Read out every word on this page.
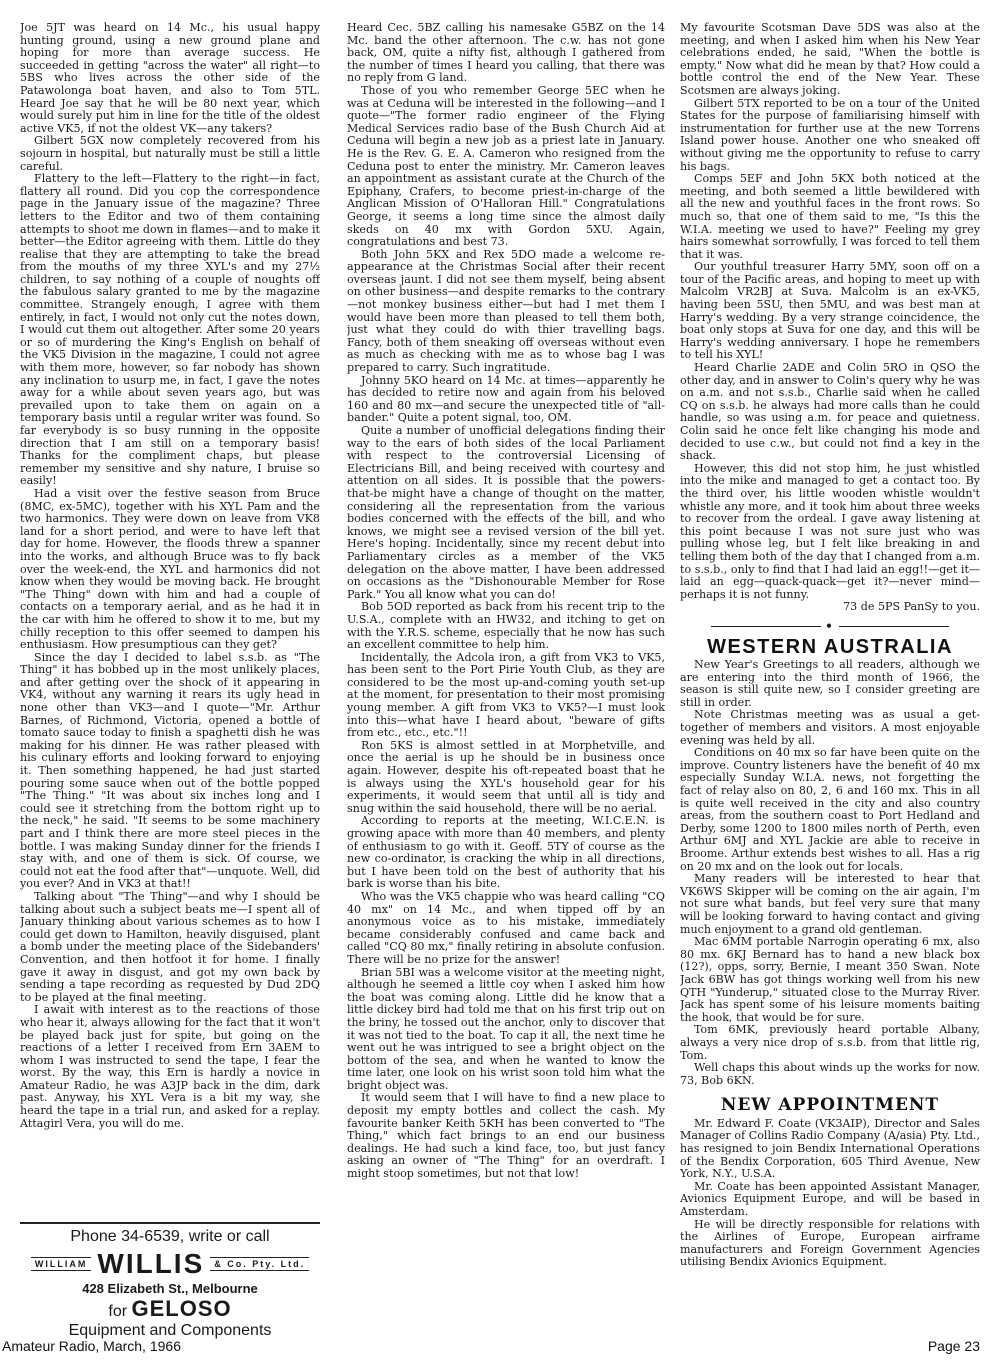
Joe 5JT was heard on 14 Mc., his usual happy hunting ground, using a new ground plane and hoping for more than average success. He succeeded in getting "across the water" all right—to 5BS who lives across the other side of the Patawolonga boat haven, and also to Tom 5TL. Heard Joe say that he will be 80 next year, which would surely put him in line for the title of the oldest active VK5, if not the oldest VK—any takers?

Gilbert 5GX now completely recovered from his sojourn in hospital, but naturally must be still a little careful.

Flattery to the left—Flattery to the right—in fact, flattery all round. Did you cop the correspondence page in the January issue of the magazine? Three letters to the Editor and two of them containing attempts to shoot me down in flames—and to make it better—the Editor agreeing with them. Little do they realise that they are attempting to take the bread from the mouths of my three XYL's and my 27½ children, to say nothing of a couple of noughts off the fabulous salary granted to me by the magazine committee. Strangely enough, I agree with them entirely, in fact, I would not only cut the notes down, I would cut them out altogether. After some 20 years or so of murdering the King's English on behalf of the VK5 Division in the magazine, I could not agree with them more, however, so far nobody has shown any inclination to usurp me, in fact, I gave the notes away for a while about seven years ago, but was prevailed upon to take them on again on a temporary basis until a regular writer was found. So far everybody is so busy running in the opposite direction that I am still on a temporary basis! Thanks for the compliment chaps, but please remember my sensitive and shy nature, I bruise so easily!

Had a visit over the festive season from Bruce (8MC, ex-5MC), together with his XYL Pam and the two harmonics. They were down on leave from VK8 land for a short period, and were to have left that day for home. However, the floods threw a spanner into the works, and although Bruce was to fly back over the week-end, the XYL and harmonics did not know when they would be moving back. He brought "The Thing" down with him and had a couple of contacts on a temporary aerial, and as he had it in the car with him he offered to show it to me, but my chilly reception to this offer seemed to dampen his enthusiasm. How presumptious can they get?

Since the day I decided to label s.s.b. as "The Thing" it has bobbed up in the most unlikely places, and after getting over the shock of it appearing in VK4, without any warning it rears its ugly head in none other than VK3—and I quote—"Mr. Arthur Barnes, of Richmond, Victoria, opened a bottle of tomato sauce today to finish a spaghetti dish he was making for his dinner. He was rather pleased with his culinary efforts and looking forward to enjoying it. Then something happened, he had just started pouring some sauce when out of the bottle popped "The Thing." "It was about six inches long and I could see it stretching from the bottom right up to the neck," he said. "It seems to be some machinery part and I think there are more steel pieces in the bottle. I was making Sunday dinner for the friends I stay with, and one of them is sick. Of course, we could not eat the food after that"—unquote. Well, did you ever? And in VK3 at that!!

Talking about "The Thing"—and why I should be talking about such a subject beats me—I spent all of January thinking about various schemes as to how I could get down to Hamilton, heavily disguised, plant a bomb under the meeting place of the Sidebanders' Convention, and then hotfoot it for home. I finally gave it away in disgust, and got my own back by sending a tape recording as requested by Dud 2DQ to be played at the final meeting.

I await with interest as to the reactions of those who hear it, always allowing for the fact that it won't be played back just for spite, but going on the reactions of a letter I received from Ern 3AEM to whom I was instructed to send the tape, I fear the worst. By the way, this Ern is hardly a novice in Amateur Radio, he was A3JP back in the dim, dark past. Anyway, his XYL Vera is a bit my way, she heard the tape in a trial run, and asked for a replay. Attagirl Vera, you will do me.

Phone 34-6539, write or call
WILLIAM WILLIS	& Co. Pty. Ltd.
428 Elizabeth St., Melbourne
for GELOSO
Equipment and Components

Heard Cec. 5BZ calling his namesake G5BZ on the 14 Mc. band the other afternoon. The c.w. has not gone back, OM, quite a nifty fist, although I gathered from the number of times I heard you calling, that there was no reply from G land.

Those of you who remember George 5EC when he was at Ceduna will be interested in the following—and I quote—"The former radio engineer of the Flying Medical Services radio base of the Bush Church Aid at Ceduna will begin a new job as a priest late in January. He is the Rev. G. E. A. Cameron who resigned from the Ceduna post to enter the ministry. Mr. Cameron leaves an appointment as assistant curate at the Church of the Epiphany, Crafers, to become priest-in-charge of the Anglican Mission of O'Halloran Hill." Congratulations George, it seems a long time since the almost daily skeds on 40 mx with Gordon 5XU. Again, congratulations and best 73.

Both John 5KX and Rex 5DO made a welcome re-appearance at the Christmas Social after their recent overseas jaunt. I did not see them myself, being absent on other business—and despite remarks to the contrary—not monkey business either—but had I met them I would have been more than pleased to tell them both, just what they could do with thier travelling bags. Fancy, both of them sneaking off overseas without even as much as checking with me as to whose bag I was prepared to carry. Such ingratitude.

Johnny 5KO heard on 14 Mc. at times—apparently he has decided to retire now and again from his beloved 160 and 80 mx—and secure the unexpected title of "all-bander." Quite a potent signal, too, OM.

Quite a number of unofficial delegations finding their way to the ears of both sides of the local Parliament with respect to the controversial Licensing of Electricians Bill, and being received with courtesy and attention on all sides. It is possible that the powers-that-be might have a change of thought on the matter, considering all the representation from the various bodies concerned with the effects of the bill, and who knows, we might see a revised version of the bill yet. Here's hoping. Incidentally, since my recent debut into Parliamentary circles as a member of the VK5 delegation on the above matter, I have been addressed on occasions as the "Dishonourable Member for Rose Park." You all know what you can do!

Bob 5OD reported as back from his recent trip to the U.S.A., complete with an HW32, and itching to get on with the Y.R.S. scheme, especially that he now has such an excellent committee to help him.

Incidentally, the Adcola iron, a gift from VK3 to VK5, has been sent to the Port Pirie Youth Club, as they are considered to be the most up-and-coming youth set-up at the moment, for presentation to their most promising young member. A gift from VK3 to VK5?—I must look into this—what have I heard about, "beware of gifts from etc., etc., etc."!!

Ron 5KS is almost settled in at Morphetville, and once the aerial is up he should be in business once again. However, despite his oft-repeated boast that he is always using the XYL's household gear for his experiments, it would seem that until all is tidy and snug within the said household, there will be no aerial.

According to reports at the meeting, W.I.C.E.N. is growing apace with more than 40 members, and plenty of enthusiasm to go with it. Geoff. 5TY of course as the new co-ordinator, is cracking the whip in all directions, but I have been told on the best of authority that his bark is worse than his bite.

Who was the VK5 chappie who was heard calling "CQ 40 mx" on 14 Mc., and when tipped off by an anonymous voice as to his mistake, immediately became considerably confused and came back and called "CQ 80 mx," finally retiring in absolute confusion. There will be no prize for the answer!

Brian 5BI was a welcome visitor at the meeting night, although he seemed a little coy when I asked him how the boat was coming along. Little did he know that a little dickey bird had told me that on his first trip out on the briny, he tossed out the anchor, only to discover that it was not tied to the boat. To cap it all, the next time he went out he was intrigued to see a bright object on the bottom of the sea, and when he wanted to know the time later, one look on his wrist soon told him what the bright object was.

It would seem that I will have to find a new place to deposit my empty bottles and collect the cash. My favourite banker Keith 5KH has been converted to "The Thing," which fact brings to an end our business dealings. He had such a kind face, too, but just fancy asking an owner of "The Thing" for an overdraft. I might stoop sometimes, but not that low!

My favourite Scotsman Dave 5DS was also at the meeting, and when I asked him when his New Year celebrations ended, he said, "When the bottle is empty." Now what did he mean by that? How could a bottle control the end of the New Year. These Scotsmen are always joking.

Gilbert 5TX reported to be on a tour of the United States for the purpose of familiarising himself with instrumentation for further use at the new Torrens Island power house. Another one who sneaked off without giving me the opportunity to refuse to carry his bags.

Comps 5EF and John 5KX both noticed at the meeting, and both seemed a little bewildered with all the new and youthful faces in the front rows. So much so, that one of them said to me, "Is this the W.I.A. meeting we used to have?" Feeling my grey hairs somewhat sorrowfully, I was forced to tell them that it was.

Our youthful treasurer Harry 5MY, soon off on a tour of the Pacific areas, and hoping to meet up with Malcolm VR2BJ at Suva. Malcolm is an ex-VK5, having been 5SU, then 5MU, and was best man at Harry's wedding. By a very strange coincidence, the boat only stops at Suva for one day, and this will be Harry's wedding anniversary. I hope he remembers to tell his XYL!

Heard Charlie 2ADE and Colin 5RO in QSO the other day, and in answer to Colin's query why he was on a.m. and not s.s.b., Charlie said when he called CQ on s.s.b. he always had more calls than he could handle, so was using a.m. for peace and quietness. Colin said he once felt like changing his mode and decided to use c.w., but could not find a key in the shack.

However, this did not stop him, he just whistled into the mike and managed to get a contact too. By the third over, his little wooden whistle wouldn't whistle any more, and it took him about three weeks to recover from the ordeal. I gave away listening at this point because I was not sure just who was pulling whose leg, but I felt like breaking in and telling them both of the day that I changed from a.m. to s.s.b., only to find that I had laid an egg!!—get it—laid an egg—quack-quack—get it?—never mind—perhaps it is not funny.

73 de 5PS PanSy to you.

•
WESTERN AUSTRALIA

New Year's Greetings to all readers, although we are entering into the third month of 1966, the season is still quite new, so I consider greeting are still in order.

Note Christmas meeting was as usual a get-together of members and visitors. A most enjoyable evening was held by all.

Conditions on 40 mx so far have been quite on the improve. Country listeners have the benefit of 40 mx especially Sunday W.I.A. news, not forgetting the fact of relay also on 80, 2, 6 and 160 mx. This in all is quite well received in the city and also country areas, from the southern coast to Port Hedland and Derby, some 1200 to 1800 miles north of Perth, even Arthur 6MJ and XYL Jackie are able to receive in Broome. Arthur extends best wishes to all. Has a rig on 20 mx and on the look out for locals.

Many readers will be interested to hear that VK6WS Skipper will be coming on the air again, I'm not sure what bands, but feel very sure that many will be looking forward to having contact and giving much enjoyment to a grand old gentleman.

Mac 6MM portable Narrogin operating 6 mx, also 80 mx. 6KJ Bernard has to hand a new black box (12?), opps, sorry, Bernie, I meant 350 Swan. Note Jack 6BW has got things working well from his new QTH "Yunderup," situated close to the Murray River. Jack has spent some of his leisure moments baiting the hook, that would be for sure.

Tom 6MK, previously heard portable Albany, always a very nice drop of s.s.b. from that little rig, Tom.

Well chaps this about winds up the works for now. 73, Bob 6KN.

NEW APPOINTMENT

Mr. Edward F. Coate (VK3AIP), Director and Sales Manager of Collins Radio Company (A/asia) Pty. Ltd., has resigned to join Bendix International Operations of the Bendix Corporation, 605 Third Avenue, New York, N.Y., U.S.A.

Mr. Coate has been appointed Assistant Manager, Avionics Equipment Europe, and will be based in Amsterdam.

He will be directly responsible for relations with the Airlines of Europe, European airframe manufacturers and Foreign Government Agencies utilising Bendix Avionics Equipment.

Amateur Radio, March, 1966	Page 23
